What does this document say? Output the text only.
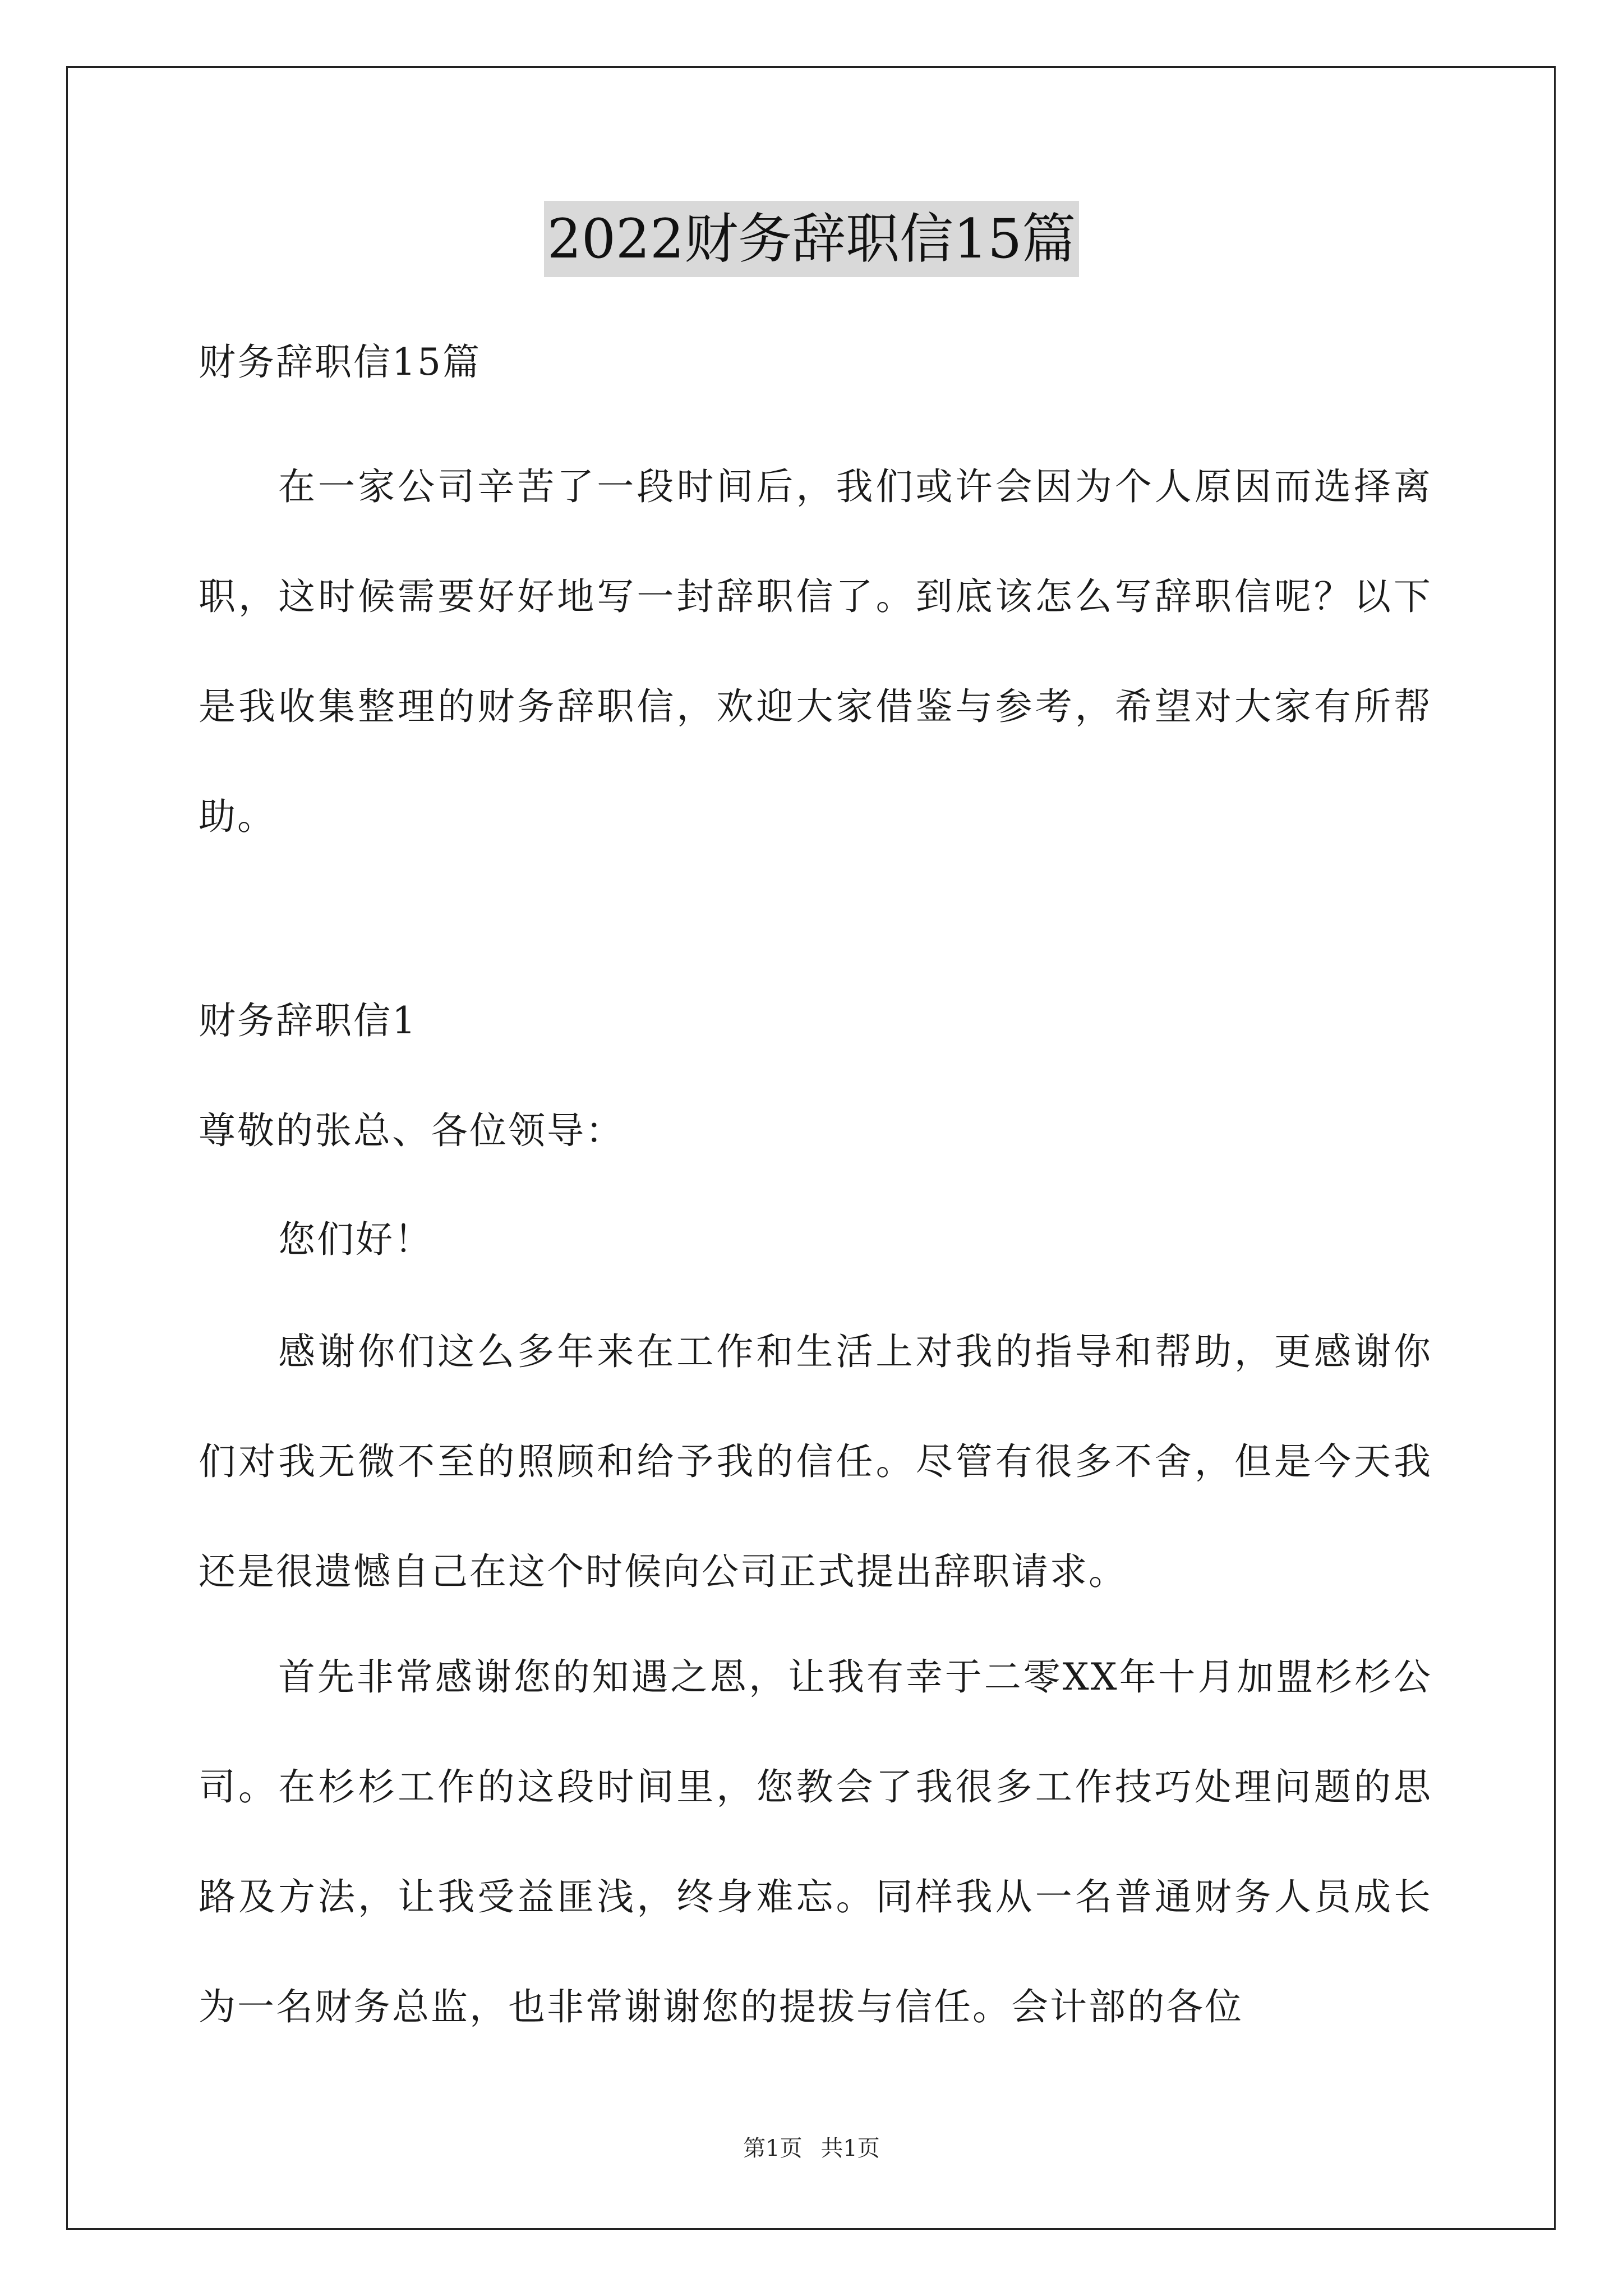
2022财务辞职信15篇

财务辞职信15篇

在一家公司辛苦了一段时间后，我们或许会因为个人原因而选择离职，这时候需要好好地写一封辞职信了。到底该怎么写辞职信呢？以下是我收集整理的财务辞职信，欢迎大家借鉴与参考，希望对大家有所帮助。

财务辞职信1

尊敬的张总、各位领导：

您们好！

感谢你们这么多年来在工作和生活上对我的指导和帮助，更感谢你们对我无微不至的照顾和给予我的信任。尽管有很多不舍，但是今天我还是很遗憾自己在这个时候向公司正式提出辞职请求。

首先非常感谢您的知遇之恩，让我有幸于二零XX年十月加盟杉杉公司。在杉杉工作的这段时间里，您教会了我很多工作技巧处理问题的思路及方法，让我受益匪浅，终身难忘。同样我从一名普通财务人员成长为一名财务总监，也非常谢谢您的提拔与信任。会计部的各位

第1页 共1页
